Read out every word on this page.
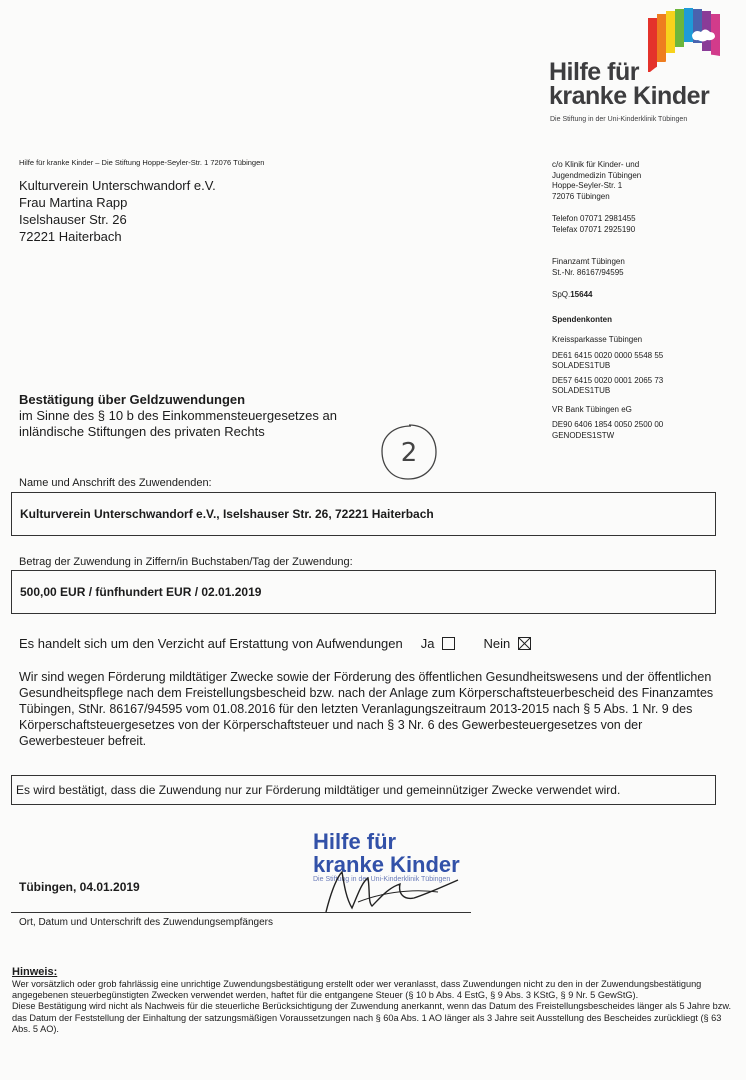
Hilfe für
kranke Kinder
Die Stiftung in der Uni-Kinderklinik Tübingen
Hilfe für kranke Kinder – Die Stiftung Hoppe-Seyler-Str. 1 72076 Tübingen
Kulturverein Unterschwandorf e.V.
Frau Martina Rapp
Iselshauser Str. 26
72221 Haiterbach
c/o Klinik für Kinder- und
Jugendmedizin Tübingen
Hoppe-Seyler-Str. 1
72076 Tübingen
Telefon 07071 2981455
Telefax 07071 2925190
Finanzamt Tübingen
St.-Nr. 86167/94595
SpQ.15644
Spendenkonten
Kreissparkasse Tübingen
DE61 6415 0020 0000 5548 55
SOLADES1TUB
DE57 6415 0020 0001 2065 73
SOLADES1TUB
VR Bank Tübingen eG
DE90 6406 1854 0050 2500 00
GENODES1STW
Bestätigung über Geldzuwendungen
im Sinne des § 10 b des Einkommensteuergesetzes an
inländische Stiftungen des privaten Rechts
2
Name und Anschrift des Zuwendenden:
Kulturverein Unterschwandorf e.V., Iselshauser Str. 26, 72221 Haiterbach
Betrag der Zuwendung in Ziffern/in Buchstaben/Tag der Zuwendung:
500,00 EUR / fünfhundert EUR / 02.01.2019
Es handelt sich um den Verzicht auf Erstattung von Aufwendungen Ja	Nein
Wir sind wegen Förderung mildtätiger Zwecke sowie der Förderung des öffentlichen Gesundheitswesens und der öffentlichen Gesundheitspflege nach dem Freistellungsbescheid bzw. nach der Anlage zum Körperschaftsteuerbescheid des Finanzamtes Tübingen, StNr. 86167/94595 vom 01.08.2016 für den letzten Veranlagungszeitraum 2013-2015 nach § 5 Abs. 1 Nr. 9 des Körperschaftsteuergesetzes von der Körperschaftsteuer und nach § 3 Nr. 6 des Gewerbesteuergesetzes von der Gewerbesteuer befreit.
Es wird bestätigt, dass die Zuwendung nur zur Förderung mildtätiger und gemeinnütziger Zwecke verwendet wird.
Hilfe für
kranke Kinder
Die Stiftung in der Uni-Kinderklinik Tübingen
Tübingen, 04.01.2019
Ort, Datum und Unterschrift des Zuwendungsempfängers
Hinweis:
Wer vorsätzlich oder grob fahrlässig eine unrichtige Zuwendungsbestätigung erstellt oder wer veranlasst, dass Zuwendungen nicht zu den in der Zuwendungsbestätigung angegebenen steuerbegünstigten Zwecken verwendet werden, haftet für die entgangene Steuer (§ 10 b Abs. 4 EstG, § 9 Abs. 3 KStG, § 9 Nr. 5 GewStG).
Diese Bestätigung wird nicht als Nachweis für die steuerliche Berücksichtigung der Zuwendung anerkannt, wenn das Datum des Freistellungsbescheides länger als 5 Jahre bzw. das Datum der Feststellung der Einhaltung der satzungsmäßigen Voraussetzungen nach § 60a Abs. 1 AO länger als 3 Jahre seit Ausstellung des Bescheides zurückliegt (§ 63 Abs. 5 AO).
